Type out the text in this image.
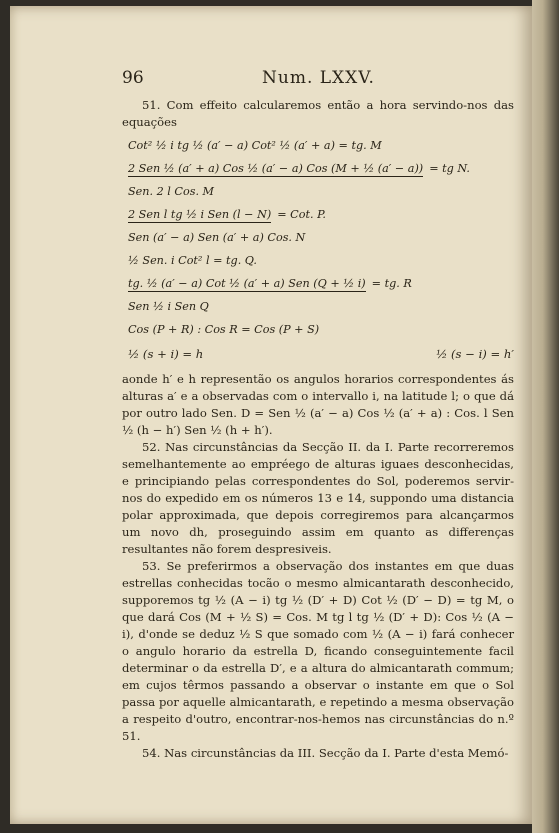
96	Num. LXXV.

51. Com effeito calcularemos então a hora servindo-nos das equações

Cot² ½ i tg ½ (a′ − a) Cot² ½ (a′ + a) = tg. M
2 Sen ½ (a′ + a) Cos ½ (a′ − a) Cos (M + ½ (a′ − a)) = tg N.
Sen. 2 l Cos. M
2 Sen l tg ½ i Sen (l − N) = Cot. P.
Sen (a′ − a) Sen (a′ + a) Cos. N
½ Sen. i Cot² l = tg. Q.
tg. ½ (a′ − a) Cot ½ (a′ + a) Sen (Q + ½ i) = tg. R
Sen ½ i Sen Q
Cos (P + R) : Cos R = Cos (P + S)
½ (s + i) = h	½ (s − i) = h′

aonde h′ e h representão os angulos horarios correspondentes ás alturas a′ e a observadas com o intervallo i, na latitude l; o que dá por outro lado Sen. D = Sen ½ (a′ − a) Cos ½ (a′ + a) : Cos. l Sen ½ (h − h′) Sen ½ (h + h′).

52. Nas circunstâncias da Secção II. da I. Parte recorreremos semelhantemente ao empréego de alturas iguaes desconhecidas, e principiando pelas correspondentes do Sol, poderemos servir-nos do expedido em os números 13 e 14, suppondo uma distancia polar approximada, que depois corregiremos para alcançarmos um novo dh, proseguindo assim em quanto as differenças resultantes não forem despresiveis.

53. Se preferirmos a observação dos instantes em que duas estrellas conhecidas tocão o mesmo almicantarath desconhecido, supporemos tg ½ (A − i) tg ½ (D′ + D) Cot ½ (D′ − D) = tg M, o que dará Cos (M + ½ S) = Cos. M tg l tg ½ (D′ + D): Cos ½ (A − i), d'onde se deduz ½ S que somado com ½ (A − i) fará conhecer o angulo horario da estrella D, ficando conseguintemente facil determinar o da estrella D′, e a altura do almicantarath commum; em cujos têrmos passando a observar o instante em que o Sol passa por aquelle almicantarath, e repetindo a mesma observação a respeito d'outro, encontrar-nos-hemos nas circunstâncias do n.º 51.

54. Nas circunstâncias da III. Secção da I. Parte d'esta Memó-
